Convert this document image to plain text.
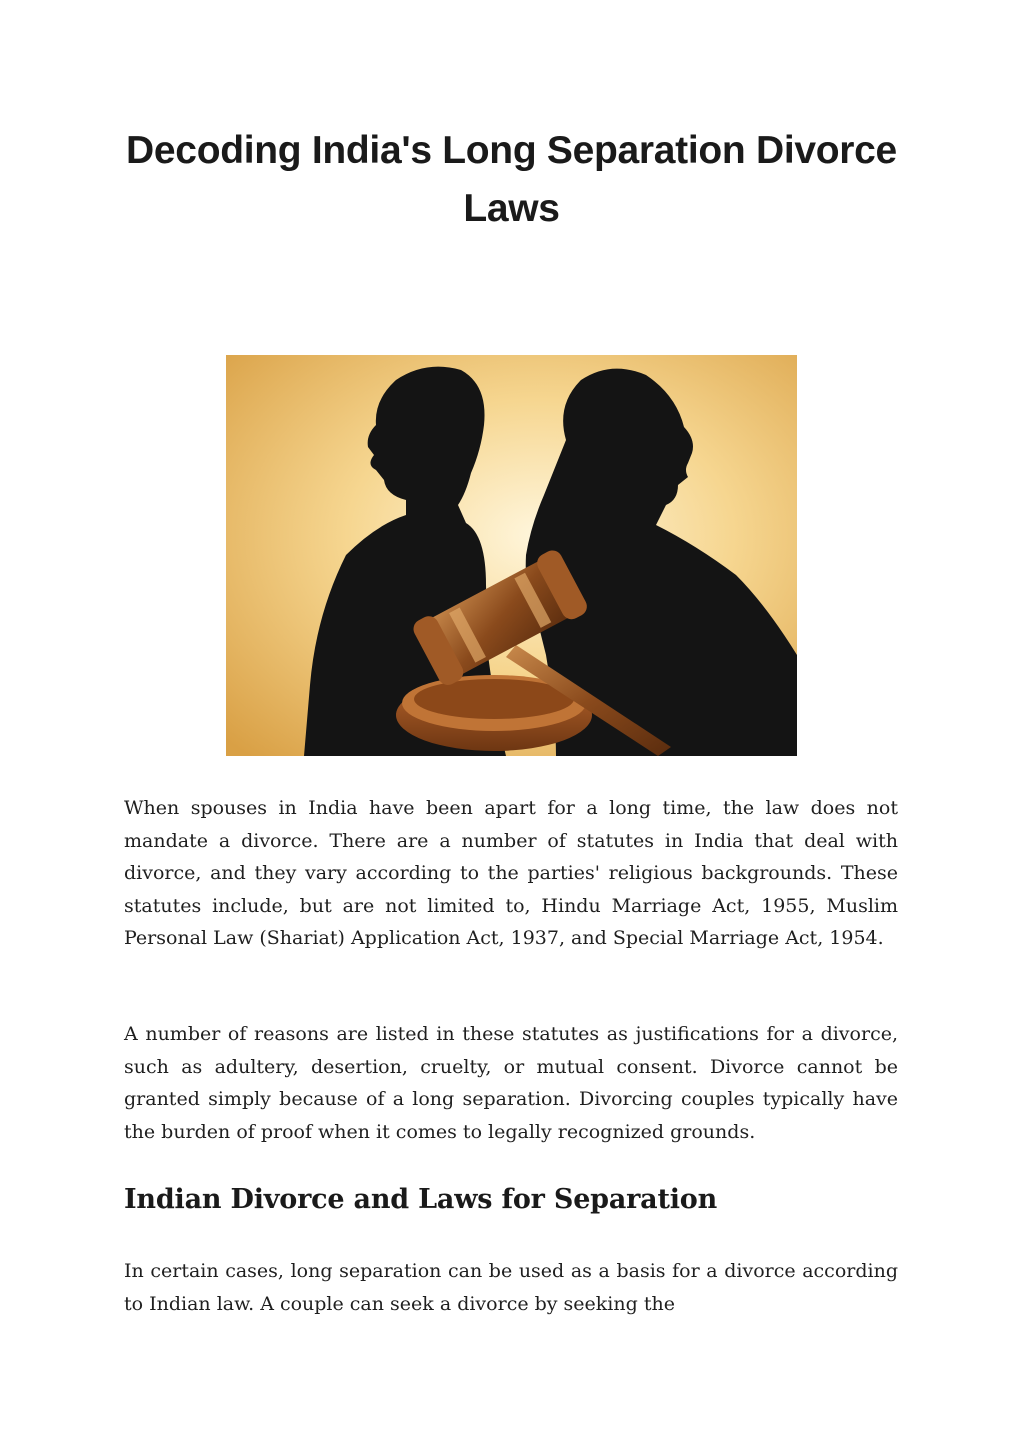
Decoding India's Long Separation Divorce Laws

When spouses in India have been apart for a long time, the law does not mandate a divorce. There are a number of statutes in India that deal with divorce, and they vary according to the parties' religious backgrounds. These statutes include, but are not limited to, Hindu Marriage Act, 1955, Muslim Personal Law (Shariat) Application Act, 1937, and Special Marriage Act, 1954.

A number of reasons are listed in these statutes as justifications for a divorce, such as adultery, desertion, cruelty, or mutual consent. Divorce cannot be granted simply because of a long separation. Divorcing couples typically have the burden of proof when it comes to legally recognized grounds.

Indian Divorce and Laws for Separation

In certain cases, long separation can be used as a basis for a divorce according to Indian law. A couple can seek a divorce by seeking the
